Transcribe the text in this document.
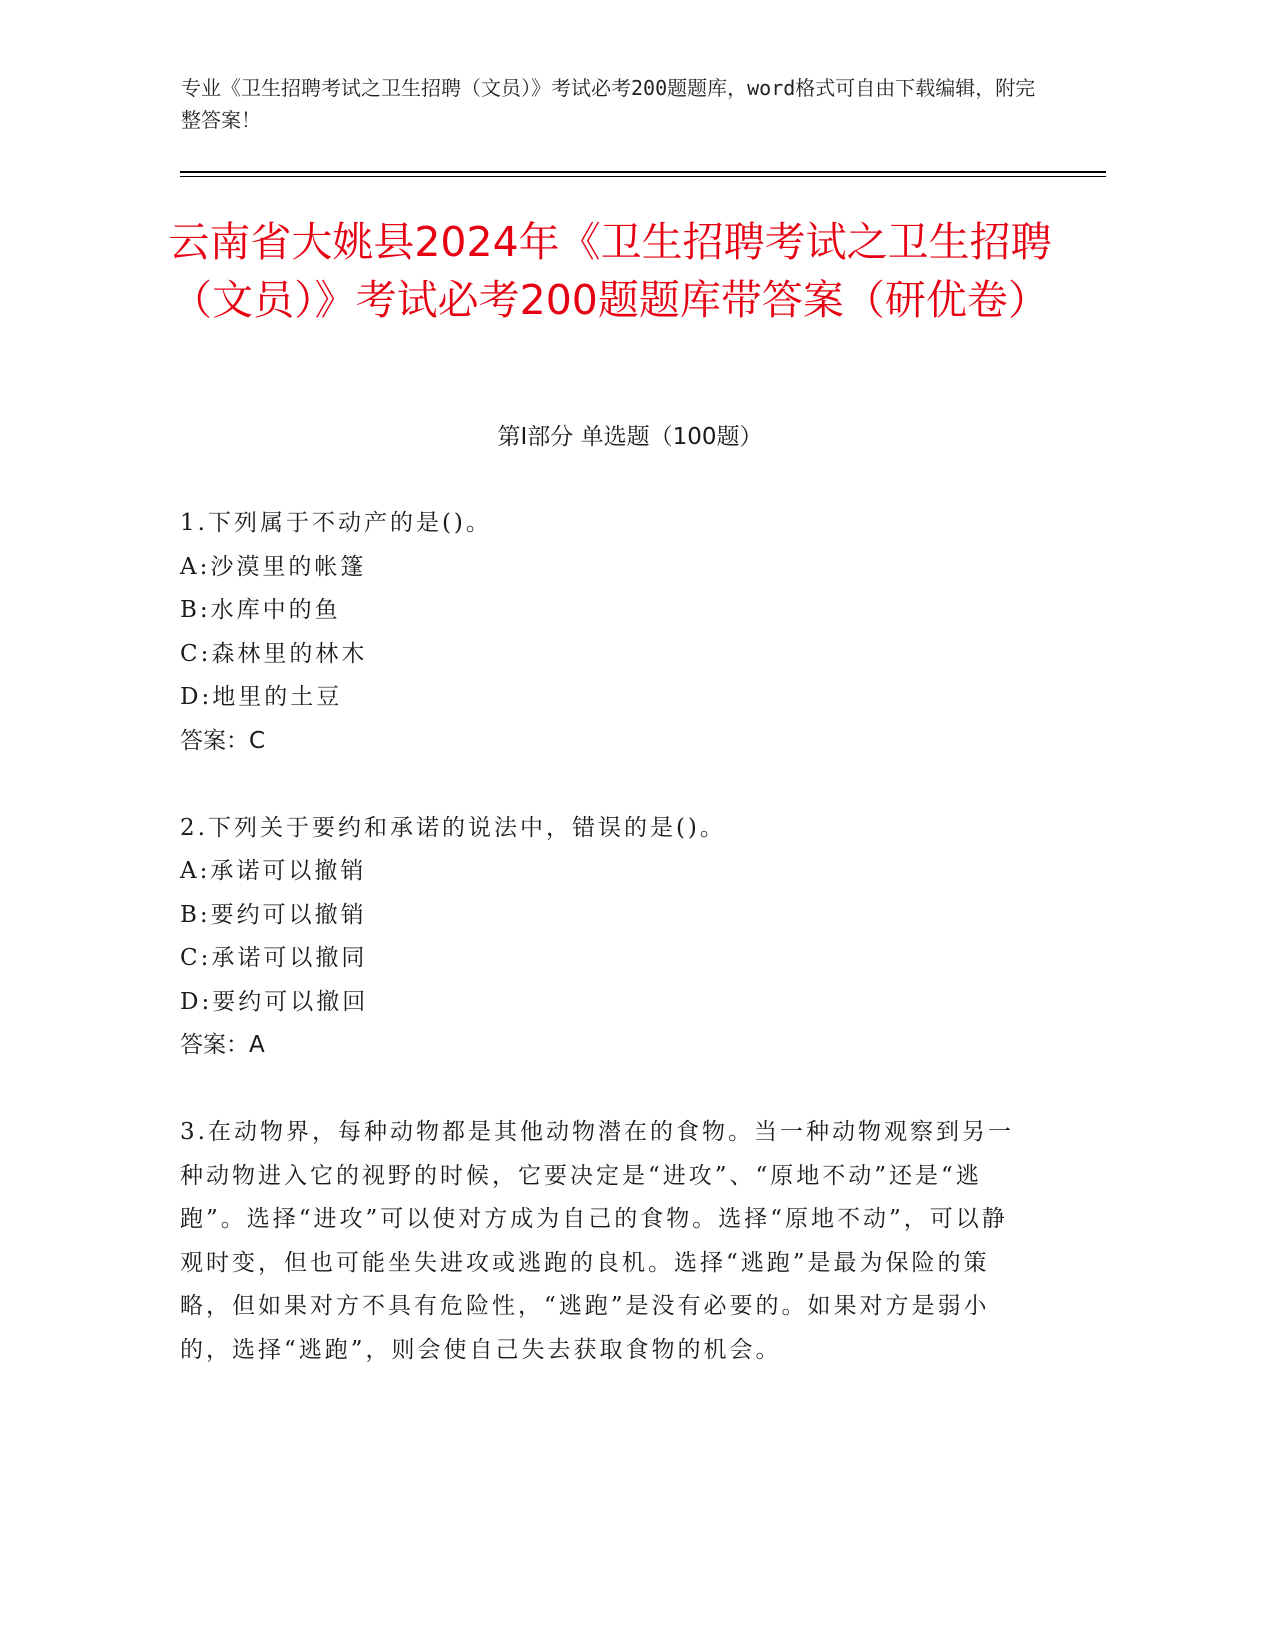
专业《卫生招聘考试之卫生招聘（文员）》考试必考200题题库，word格式可自由下载编辑，附完整答案！
云南省大姚县2024年《卫生招聘考试之卫生招聘（文员）》考试必考200题题库带答案（研优卷）
第Ⅰ部分 单选题（100题）

1.下列属于不动产的是()。

A:沙漠里的帐篷

B:水库中的鱼

C:森林里的林木

D:地里的土豆

答案：C

2.下列关于要约和承诺的说法中，错误的是()。

A:承诺可以撤销

B:要约可以撤销

C:承诺可以撤同

D:要约可以撤回

答案：A

3.在动物界，每种动物都是其他动物潜在的食物。当一种动物观察到另一种动物进入它的视野的时候，它要决定是“进攻”、“原地不动”还是“逃跑”。选择“进攻”可以使对方成为自己的食物。选择“原地不动”，可以静观时变，但也可能坐失进攻或逃跑的良机。选择“逃跑”是最为保险的策略，但如果对方不具有危险性，“逃跑”是没有必要的。如果对方是弱小的，选择“逃跑”，则会使自己失去获取食物的机会。
